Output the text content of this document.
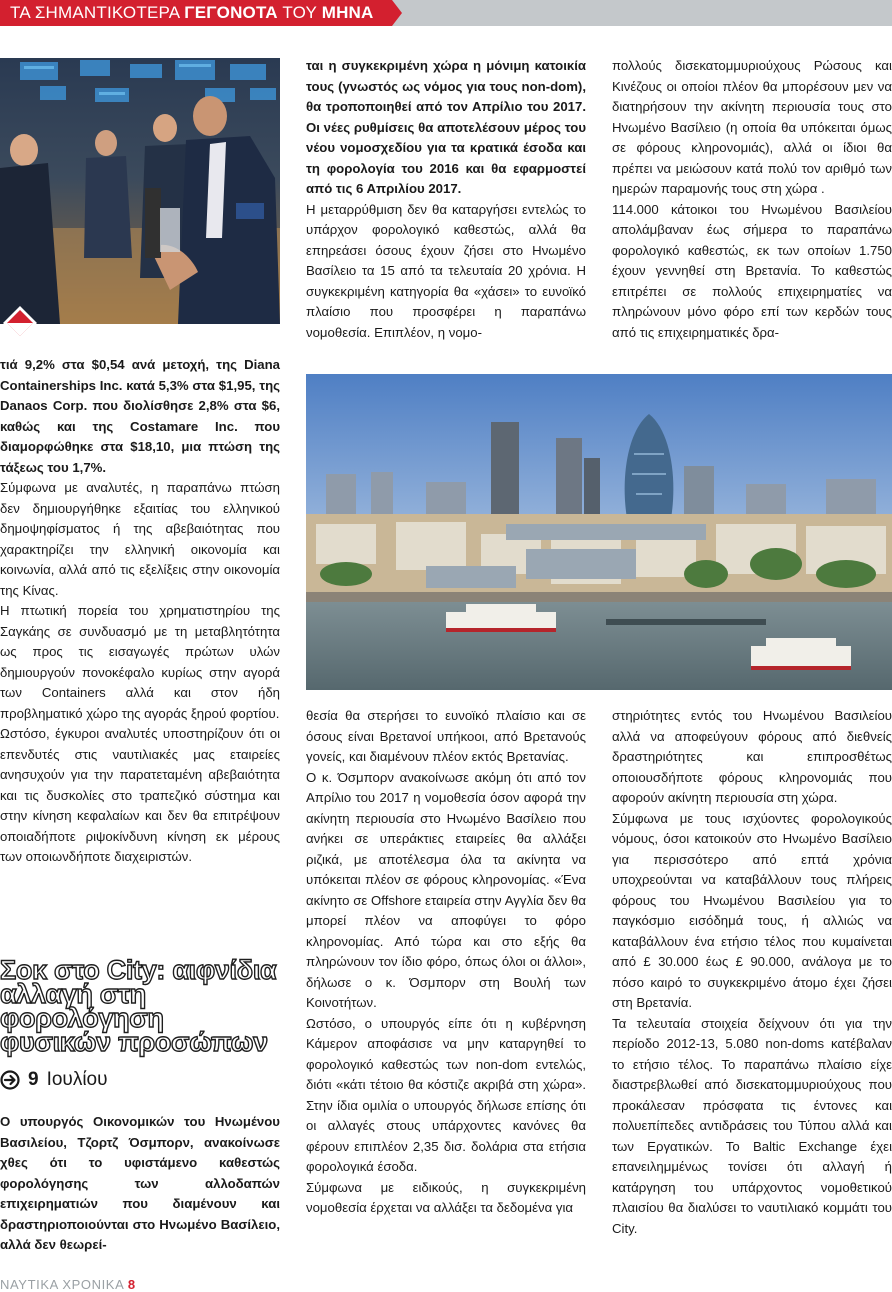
ΤΑ ΣΗΜΑΝΤΙΚΟΤΕΡΑ ΓΕΓΟΝΟΤΑ ΤΟΥ ΜΗΝΑ

τιά 9,2% στα $0,54 ανά μετοχή, της Diana Containerships Inc. κατά 5,3% στα $1,95, της Danaos Corp. που διολίσθησε 2,8% στα $6, καθώς και της Costamare Inc. που διαμορφώθηκε στα $18,10, μια πτώση της τάξεως του 1,7%.

Σύμφωνα με αναλυτές, η παραπάνω πτώση δεν δημιουργήθηκε εξαιτίας του ελληνικού δημοψηφίσματος ή της αβεβαιότητας που χαρακτηρίζει την ελληνική οικονομία και κοινωνία, αλλά από τις εξελίξεις στην οικονομία της Κίνας.

Η πτωτική πορεία του χρηματιστηρίου της Σαγκάης σε συνδυασμό με τη μεταβλητότητα ως προς τις εισαγωγές πρώτων υλών δημιουργούν πονοκέφαλο κυρίως στην αγορά των Containers αλλά και στον ήδη προβληματικό χώρο της αγοράς ξηρού φορτίου.

Ωστόσο, έγκυροι αναλυτές υποστηρίζουν ότι οι επενδυτές στις ναυτιλιακές μας εταιρείες ανησυχούν για την παρατεταμένη αβεβαιότητα και τις δυσκολίες στο τραπεζικό σύστημα και στην κίνηση κεφαλαίων και δεν θα επιτρέψουν οποιαδήποτε ριψοκίνδυνη κίνηση εκ μέρους των οποιωνδήποτε διαχειριστών.

ται η συγκεκριμένη χώρα η μόνιμη κατοικία τους (γνωστός ως νόμος για τους non-dom), θα τροποποιηθεί από τον Απρίλιο του 2017. Οι νέες ρυθμίσεις θα αποτελέσουν μέρος του νέου νομοσχεδίου για τα κρατικά έσοδα και τη φορολογία του 2016 και θα εφαρμοστεί από τις 6 Απριλίου 2017.

Η μεταρρύθμιση δεν θα καταργήσει εντελώς το υπάρχον φορολογικό καθεστώς, αλλά θα επηρεάσει όσους έχουν ζήσει στο Ηνωμένο Βασίλειο τα 15 από τα τελευταία 20 χρόνια. Η συγκεκριμένη κατηγορία θα «χάσει» το ευνοϊκό πλαίσιο που προσφέρει η παραπάνω νομοθεσία. Επιπλέον, η νομο-

πολλούς δισεκατομμυριούχους Ρώσους και Κινέζους οι οποίοι πλέον θα μπορέσουν μεν να διατηρήσουν την ακίνητη περιουσία τους στο Ηνωμένο Βασίλειο (η οποία θα υπόκειται όμως σε φόρους κληρονομιάς), αλλά οι ίδιοι θα πρέπει να μειώσουν κατά πολύ τον αριθμό των ημερών παραμονής τους στη χώρα .

114.000 κάτοικοι του Ηνωμένου Βασιλείου απολάμβαναν έως σήμερα το παραπάνω φορολογικό καθεστώς, εκ των οποίων 1.750 έχουν γεννηθεί στη Βρετανία. Το καθεστώς επιτρέπει σε πολλούς επιχειρηματίες να πληρώνουν μόνο φόρο επί των κερδών τους από τις επιχειρηματικές δρα-

Σοκ στο City: αιφνίδια αλλαγή στη φορολόγηση φυσικών προσώπων
9 Ιουλίου

Ο υπουργός Οικονομικών του Ηνωμένου Βασιλείου, Τζορτζ Όσμπορν, ανακοίνωσε χθες ότι το υφιστάμενο καθεστώς φορολόγησης των αλλοδαπών επιχειρηματιών που διαμένουν και δραστηριοποιούνται στο Ηνωμένο Βασίλειο, αλλά δεν θεωρεί-

θεσία θα στερήσει το ευνοϊκό πλαίσιο και σε όσους είναι Βρετανοί υπήκοοι, από Βρετανούς γονείς, και διαμένουν πλέον εκτός Βρετανίας.

Ο κ. Όσμπορν ανακοίνωσε ακόμη ότι από τον Απρίλιο του 2017 η νομοθεσία όσον αφορά την ακίνητη περιουσία στο Ηνωμένο Βασίλειο που ανήκει σε υπεράκτιες εταιρείες θα αλλάξει ριζικά, με αποτέλεσμα όλα τα ακίνητα να υπόκειται πλέον σε φόρους κληρονομίας. «Ένα ακίνητο σε Offshore εταιρεία στην Αγγλία δεν θα μπορεί πλέον να αποφύγει το φόρο κληρονομίας. Από τώρα και στο εξής θα πληρώνουν τον ίδιο φόρο, όπως όλοι οι άλλοι», δήλωσε ο κ. Όσμπορν στη Βουλή των Κοινοτήτων.

Ωστόσο, ο υπουργός είπε ότι η κυβέρνηση Κάμερον αποφάσισε να μην καταργηθεί το φορολογικό καθεστώς των non-dom εντελώς, διότι «κάτι τέτοιο θα κόστιζε ακριβά στη χώρα». Στην ίδια ομιλία ο υπουργός δήλωσε επίσης ότι οι αλλαγές στους υπάρχοντες κανόνες θα φέρουν επιπλέον 2,35 δισ. δολάρια στα ετήσια φορολογικά έσοδα.

Σύμφωνα με ειδικούς, η συγκεκριμένη νομοθεσία έρχεται να αλλάξει τα δεδομένα για

στηριότητες εντός του Ηνωμένου Βασιλείου αλλά να αποφεύγουν φόρους από διεθνείς δραστηριότητες και επιπροσθέτως οποιουσδήποτε φόρους κληρονομιάς που αφορούν ακίνητη περιουσία στη χώρα.

Σύμφωνα με τους ισχύοντες φορολογικούς νόμους, όσοι κατοικούν στο Ηνωμένο Βασίλειο για περισσότερο από επτά χρόνια υποχρεούνται να καταβάλλουν τους πλήρεις φόρους του Ηνωμένου Βασιλείου για το παγκόσμιο εισόδημά τους, ή αλλιώς να καταβάλλουν ένα ετήσιο τέλος που κυμαίνεται από £ 30.000 έως £ 90.000, ανάλογα με το πόσο καιρό το συγκεκριμένο άτομο έχει ζήσει στη Βρετανία.

Τα τελευταία στοιχεία δείχνουν ότι για την περίοδο 2012-13, 5.080 non-doms κατέβαλαν το ετήσιο τέλος. Το παραπάνω πλαίσιο είχε διαστρεβλωθεί από δισεκατομμυριούχους που προκάλεσαν πρόσφατα τις έντονες και πολυεπίπεδες αντιδράσεις του Τύπου αλλά και των Εργατικών. Το Baltic Exchange έχει επανειλημμένως τονίσει ότι αλλαγή ή κατάργηση του υπάρχοντος νομοθετικού πλαισίου θα διαλύσει το ναυτιλιακό κομμάτι του City.

ΝΑΥΤΙΚΑ ΧΡΟΝΙΚΑ 8
